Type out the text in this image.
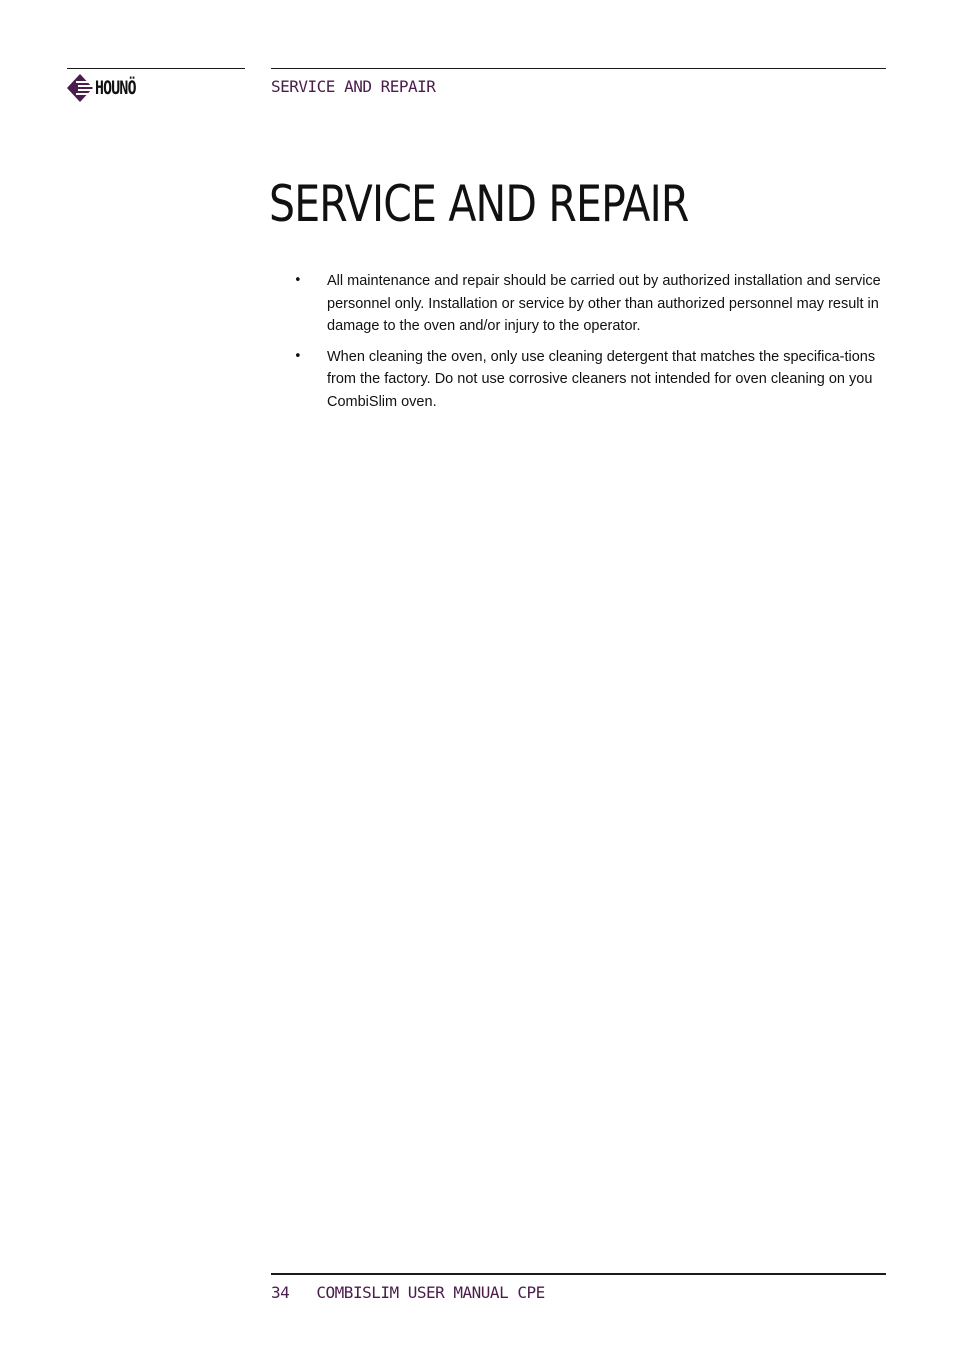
HOUNÖ	SERVICE AND REPAIR
SERVICE AND REPAIR
•	All maintenance and repair should be carried out by authorized installation and service personnel only. Installation or service by other than authorized personnel may result in damage to the oven and/or injury to the operator.
•	When cleaning the oven, only use cleaning detergent that matches the specifica-tions from the factory. Do not use corrosive cleaners not intended for oven cleaning on you CombiSlim oven.
34 COMBISLIM USER MANUAL CPE
